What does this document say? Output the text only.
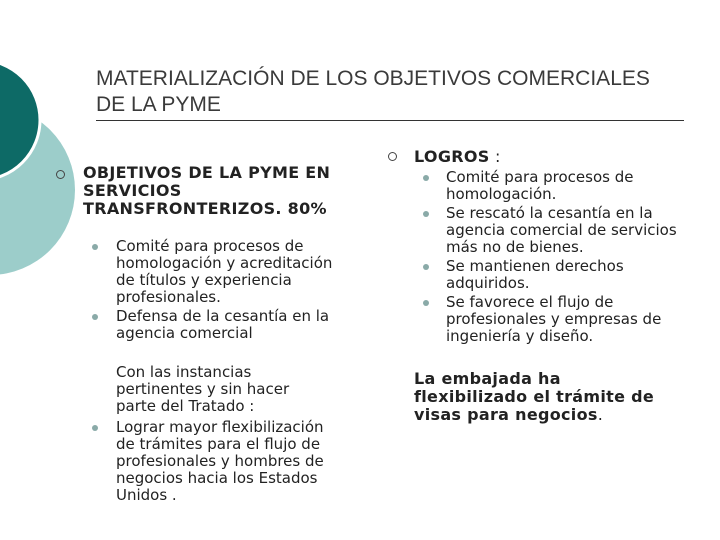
MATERIALIZACIÓN DE LOS OBJETIVOS COMERCIALES DE LA PYME
OBJETIVOS DE LA PYME EN SERVICIOS TRANSFRONTERIZOS. 80%
Comité para procesos de homologación y acreditación de títulos y experiencia profesionales.
Defensa de la cesantía en la agencia comercial
Con las instancias pertinentes y sin hacer parte del Tratado :
Lograr mayor flexibilización de trámites para el flujo de profesionales y hombres de negocios hacia los Estados Unidos .
LOGROS :
Comité para procesos de homologación.
Se rescató la cesantía en la agencia comercial de servicios más no de bienes.
Se mantienen derechos adquiridos.
Se favorece el flujo de profesionales y empresas de ingeniería y diseño.
La embajada ha flexibilizado el trámite de visas para negocios.
